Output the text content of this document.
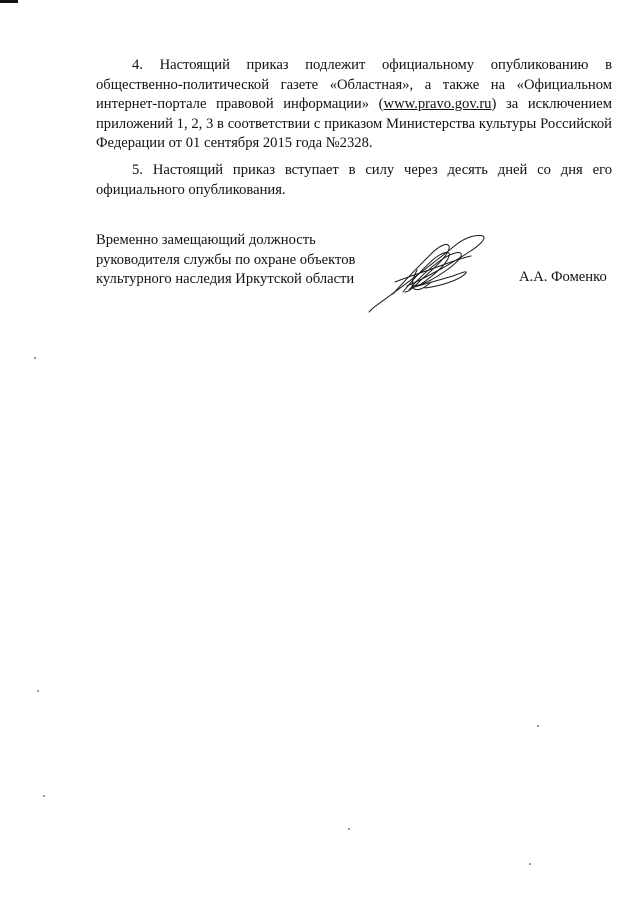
4. Настоящий приказ подлежит официальному опубликованию в общественно-политической газете «Областная», а также на «Официальном интернет-портале правовой информации» (www.pravo.gov.ru) за исключением приложений 1, 2, 3 в соответствии с приказом Министерства культуры Российской Федерации от 01 сентября 2015 года №2328.

5. Настоящий приказ вступает в силу через десять дней со дня его официального опубликования.

Временно замещающий должность
руководителя службы по охране объектов
культурного наследия Иркутской области	А.А. Фоменко
